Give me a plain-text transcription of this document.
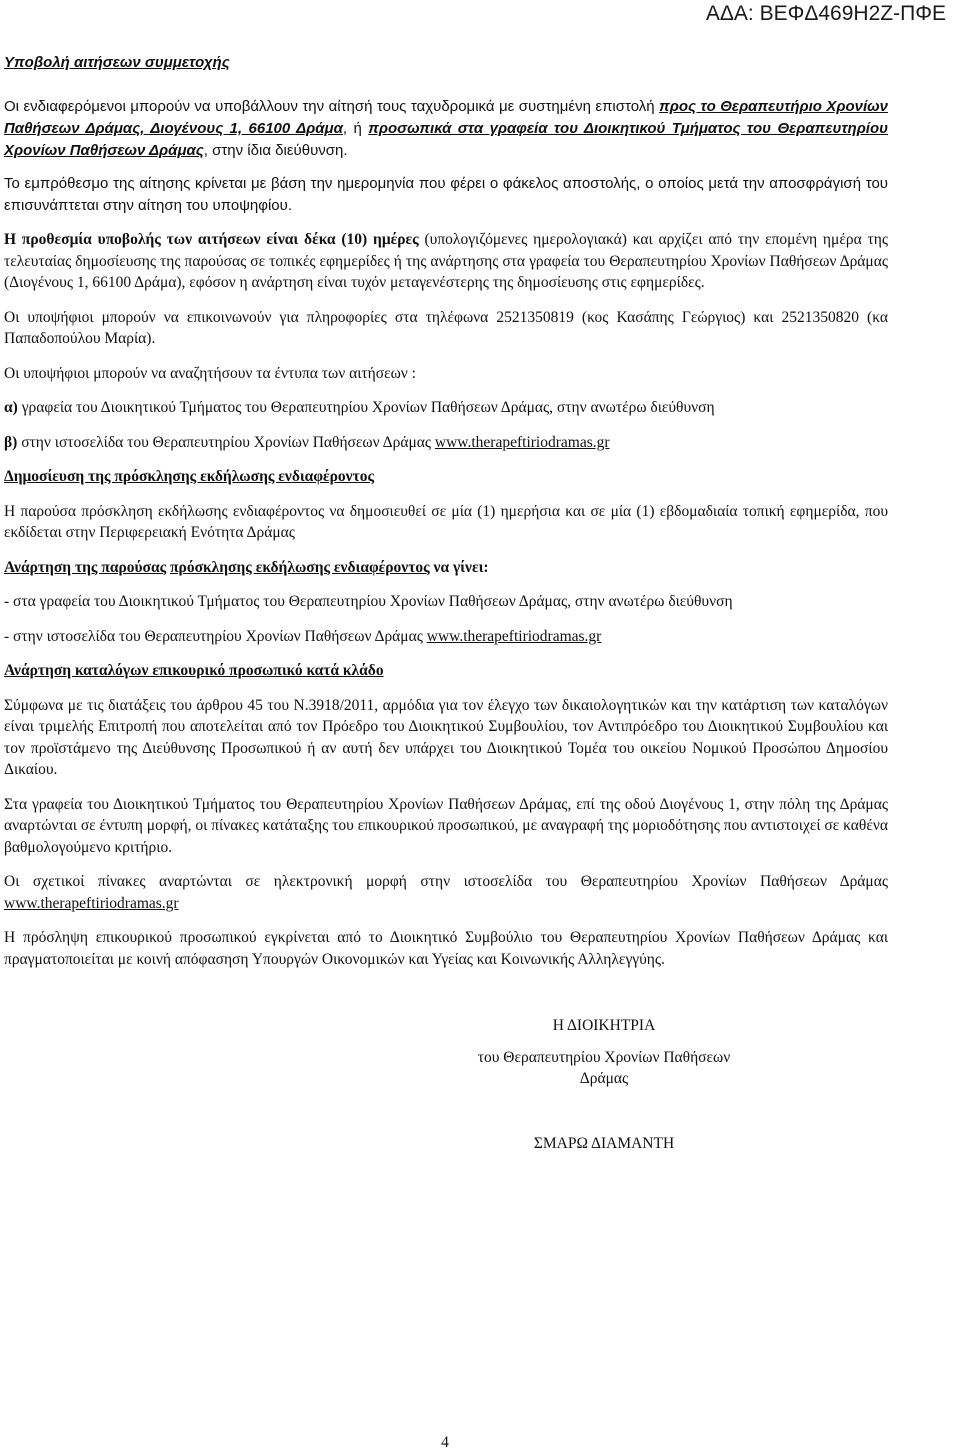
ΑΔΑ: ΒΕΦΔ469Η2Ζ-ΠΦΕ

Υποβολή αιτήσεων συμμετοχής

Οι ενδιαφερόμενοι μπορούν να υποβάλλουν την αίτησή τους ταχυδρομικά με συστημένη επιστολή προς το Θεραπευτήριο Χρονίων Παθήσεων Δράμας, Διογένους 1, 66100 Δράμα, ή προσωπικά στα γραφεία του Διοικητικού Τμήματος του Θεραπευτηρίου Χρονίων Παθήσεων Δράμας, στην ίδια διεύθυνση.

Το εμπρόθεσμο της αίτησης κρίνεται με βάση την ημερομηνία που φέρει ο φάκελος αποστολής, ο οποίος μετά την αποσφράγισή του επισυνάπτεται στην αίτηση του υποψηφίου.

Η προθεσμία υποβολής των αιτήσεων είναι δέκα (10) ημέρες (υπολογιζόμενες ημερολογιακά) και αρχίζει από την επομένη ημέρα της τελευταίας δημοσίευσης της παρούσας σε τοπικές εφημερίδες ή της ανάρτησης στα γραφεία του Θεραπευτηρίου Χρονίων Παθήσεων Δράμας (Διογένους 1, 66100 Δράμα), εφόσον η ανάρτηση είναι τυχόν μεταγενέστερης της δημοσίευσης στις εφημερίδες.

Οι υποψήφιοι μπορούν να επικοινωνούν για πληροφορίες στα τηλέφωνα 2521350819 (κος Κασάπης Γεώργιος) και 2521350820 (κα Παπαδοπούλου Μαρία).

Οι υποψήφιοι μπορούν να αναζητήσουν τα έντυπα των αιτήσεων :

α) γραφεία του Διοικητικού Τμήματος του Θεραπευτηρίου Χρονίων Παθήσεων Δράμας, στην ανωτέρω διεύθυνση

β) στην ιστοσελίδα του Θεραπευτηρίου Χρονίων Παθήσεων Δράμας www.therapeftiriodramas.gr

Δημοσίευση της πρόσκλησης εκδήλωσης ενδιαφέροντος

Η παρούσα πρόσκληση εκδήλωσης ενδιαφέροντος να δημοσιευθεί σε μία (1) ημερήσια και σε μία (1) εβδομαδιαία τοπική εφημερίδα, που εκδίδεται στην Περιφερειακή Ενότητα Δράμας

Ανάρτηση της παρούσας πρόσκλησης εκδήλωσης ενδιαφέροντος να γίνει:

- στα γραφεία του Διοικητικού Τμήματος του Θεραπευτηρίου Χρονίων Παθήσεων Δράμας, στην ανωτέρω διεύθυνση

- στην ιστοσελίδα του Θεραπευτηρίου Χρονίων Παθήσεων Δράμας www.therapeftiriodramas.gr

Ανάρτηση καταλόγων επικουρικό προσωπικό κατά κλάδο

Σύμφωνα με τις διατάξεις του άρθρου 45 του Ν.3918/2011, αρμόδια για τον έλεγχο των δικαιολογητικών και την κατάρτιση των καταλόγων είναι τριμελής Επιτροπή που αποτελείται από τον Πρόεδρο του Διοικητικού Συμβουλίου, τον Αντιπρόεδρο του Διοικητικού Συμβουλίου και τον προϊστάμενο της Διεύθυνσης Προσωπικού ή αν αυτή δεν υπάρχει του Διοικητικού Τομέα του οικείου Νομικού Προσώπου Δημοσίου Δικαίου.

Στα γραφεία του Διοικητικού Τμήματος του Θεραπευτηρίου Χρονίων Παθήσεων Δράμας, επί της οδού Διογένους 1, στην πόλη της Δράμας αναρτώνται σε έντυπη μορφή, οι πίνακες κατάταξης του επικουρικού προσωπικού, με αναγραφή της μοριοδότησης που αντιστοιχεί σε καθένα βαθμολογούμενο κριτήριο.

Οι σχετικοί πίνακες αναρτώνται σε ηλεκτρονική μορφή στην ιστοσελίδα του Θεραπευτηρίου Χρονίων Παθήσεων Δράμας www.therapeftiriodramas.gr

Η πρόσληψη επικουρικού προσωπικού εγκρίνεται από το Διοικητικό Συμβούλιο του Θεραπευτηρίου Χρονίων Παθήσεων Δράμας και πραγματοποιείται με κοινή απόφασηση Υπουργών Οικονομικών και Υγείας και Κοινωνικής Αλληλεγγύης.

Η ΔΙΟΙΚΗΤΡΙΑ

του Θεραπευτηρίου Χρονίων Παθήσεων

Δράμας

ΣΜΑΡΩ ΔΙΑΜΑΝΤΗ

4
